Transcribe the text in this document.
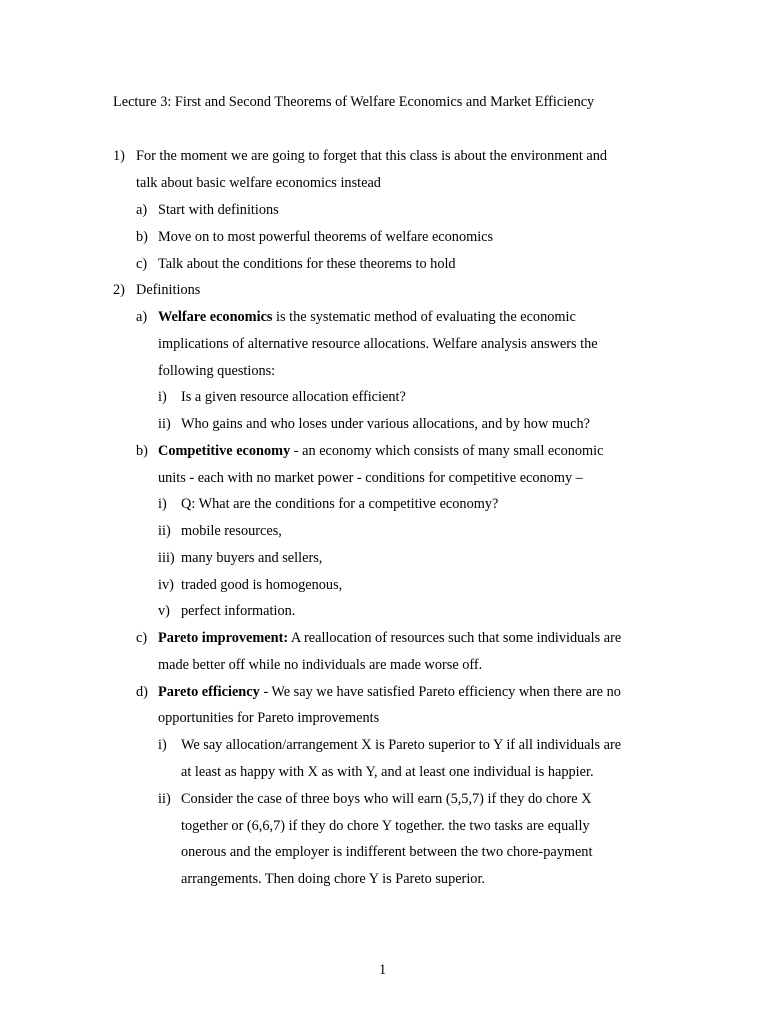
Lecture 3: First and Second Theorems of Welfare Economics and Market Efficiency
1) For the moment we are going to forget that this class is about the environment and
talk about basic welfare economics instead
a) Start with definitions
b) Move on to most powerful theorems of welfare economics
c) Talk about the conditions for these theorems to hold
2) Definitions
a) Welfare economics is the systematic method of evaluating the economic
implications of alternative resource allocations. Welfare analysis answers the
following questions:
i) Is a given resource allocation efficient?
ii) Who gains and who loses under various allocations, and by how much?
b) Competitive economy - an economy which consists of many small economic
units - each with no market power - conditions for competitive economy –
i) Q: What are the conditions for a competitive economy?
ii) mobile resources,
iii) many buyers and sellers,
iv) traded good is homogenous,
v) perfect information.
c) Pareto improvement: A reallocation of resources such that some individuals are
made better off while no individuals are made worse off.
d) Pareto efficiency - We say we have satisfied Pareto efficiency when there are no
opportunities for Pareto improvements
i) We say allocation/arrangement X is Pareto superior to Y if all individuals are
at least as happy with X as with Y, and at least one individual is happier.
ii) Consider the case of three boys who will earn (5,5,7) if they do chore X
together or (6,6,7) if they do chore Y together. the two tasks are equally
onerous and the employer is indifferent between the two chore-payment
arrangements. Then doing chore Y is Pareto superior.
1
